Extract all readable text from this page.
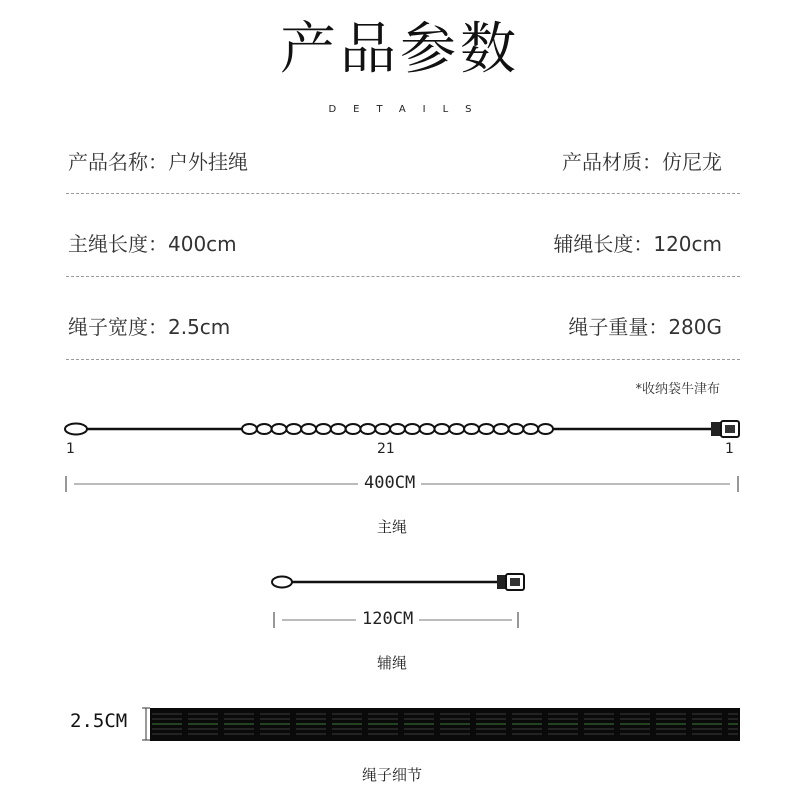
产品参数
DETAILS
产品名称：户外挂绳	产品材质：仿尼龙
主绳长度：400cm	辅绳长度：120cm
绳子宽度：2.5cm	绳子重量：280G
*收纳袋牛津布
1	21	1
400CM
主绳
120CM
辅绳
2.5CM
绳子细节
